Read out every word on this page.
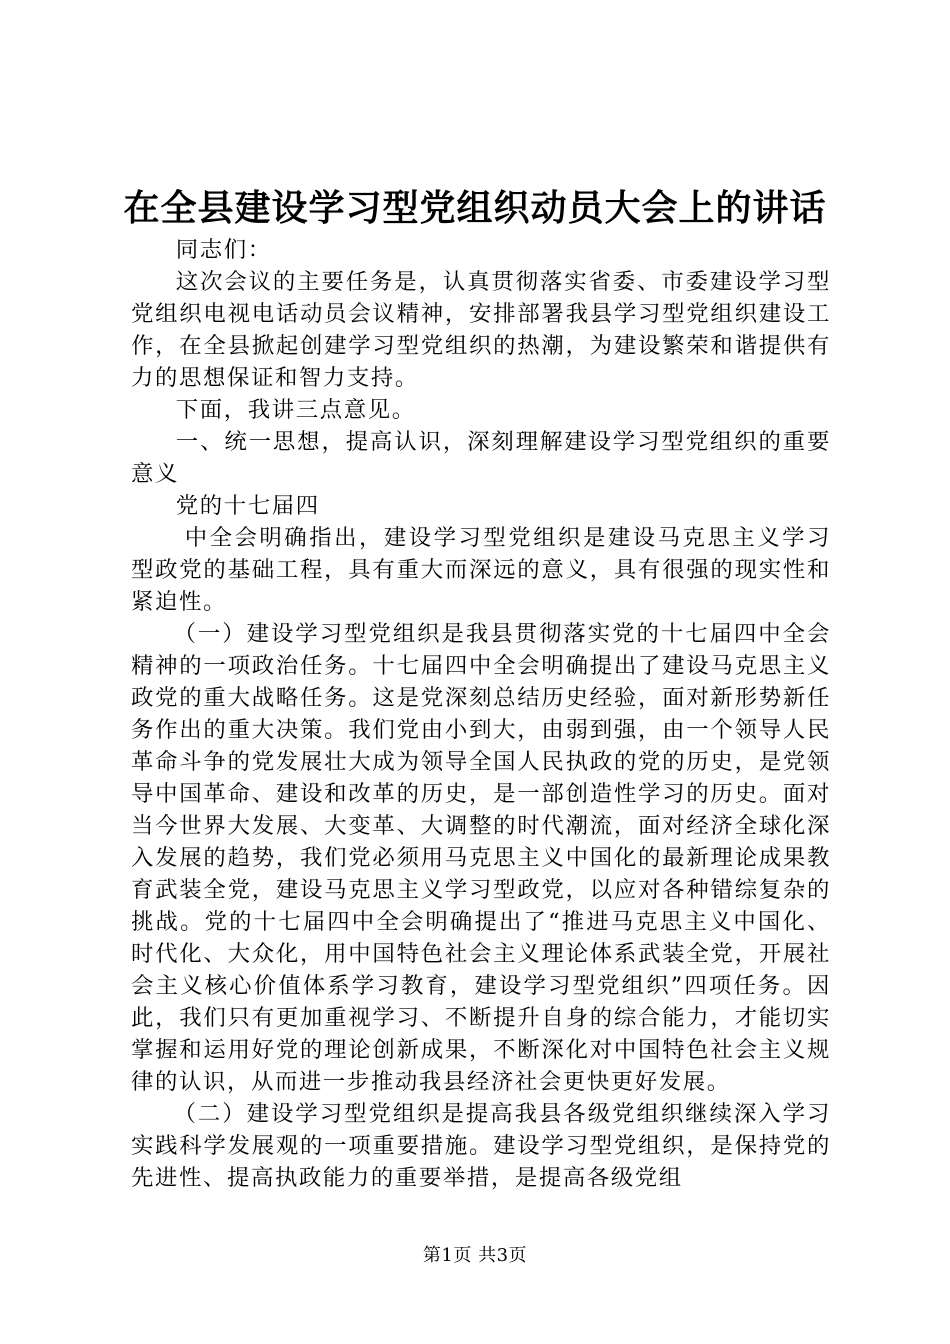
在全县建设学习型党组织动员大会上的讲话

同志们：

这次会议的主要任务是，认真贯彻落实省委、市委建设学习型党组织电视电话动员会议精神，安排部署我县学习型党组织建设工作，在全县掀起创建学习型党组织的热潮，为建设繁荣和谐提供有力的思想保证和智力支持。

下面，我讲三点意见。

一、统一思想，提高认识，深刻理解建设学习型党组织的重要意义

党的十七届四

中全会明确指出，建设学习型党组织是建设马克思主义学习型政党的基础工程，具有重大而深远的意义，具有很强的现实性和紧迫性。

（一）建设学习型党组织是我县贯彻落实党的十七届四中全会精神的一项政治任务。十七届四中全会明确提出了建设马克思主义政党的重大战略任务。这是党深刻总结历史经验，面对新形势新任务作出的重大决策。我们党由小到大，由弱到强，由一个领导人民革命斗争的党发展壮大成为领导全国人民执政的党的历史，是党领导中国革命、建设和改革的历史，是一部创造性学习的历史。面对当今世界大发展、大变革、大调整的时代潮流，面对经济全球化深入发展的趋势，我们党必须用马克思主义中国化的最新理论成果教育武装全党，建设马克思主义学习型政党，以应对各种错综复杂的挑战。党的十七届四中全会明确提出了“推进马克思主义中国化、时代化、大众化，用中国特色社会主义理论体系武装全党，开展社会主义核心价值体系学习教育，建设学习型党组织”四项任务。因此，我们只有更加重视学习、不断提升自身的综合能力，才能切实掌握和运用好党的理论创新成果，不断深化对中国特色社会主义规律的认识，从而进一步推动我县经济社会更快更好发展。

（二）建设学习型党组织是提高我县各级党组织继续深入学习实践科学发展观的一项重要措施。建设学习型党组织，是保持党的先进性、提高执政能力的重要举措，是提高各级党组

第1页 共3页
